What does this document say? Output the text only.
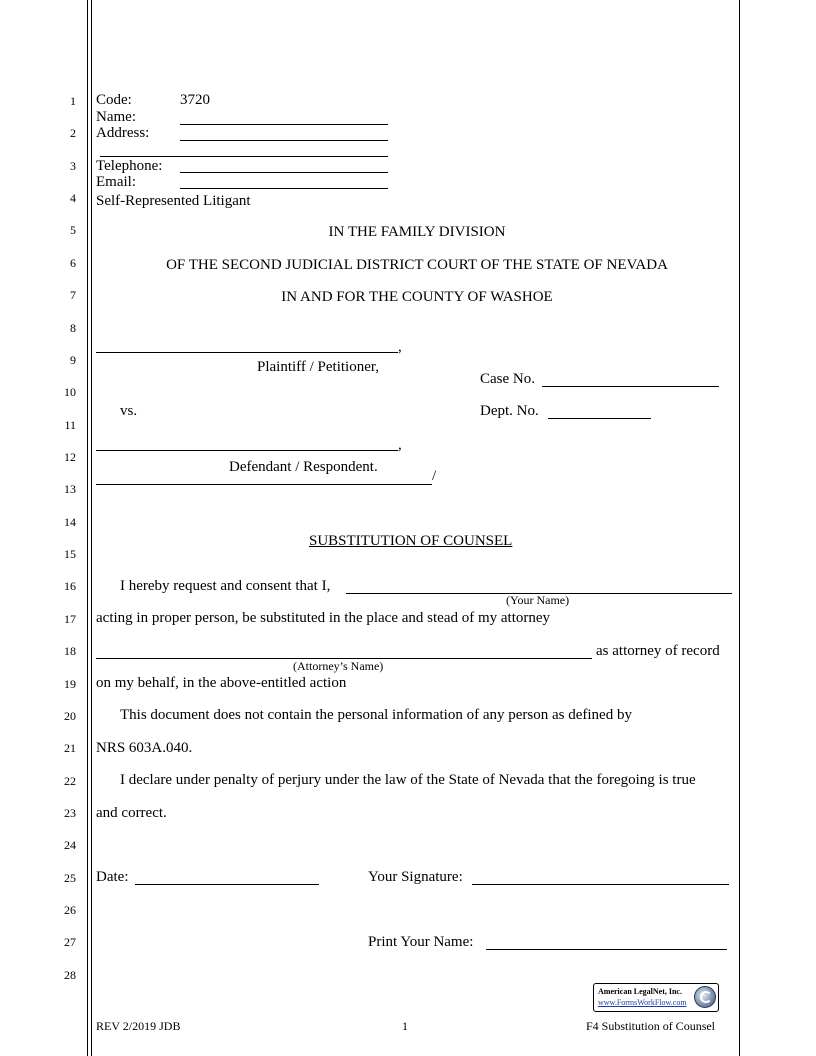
1
2
3
4
5
6
7
8
9
10
11
12
13
14
15
16
17
18
19
20
21
22
23
24
25
26
27
28
Code:	3720
Name:
Address:
Telephone:
Email:
Self-Represented Litigant
IN THE FAMILY DIVISION
OF THE SECOND JUDICIAL DISTRICT COURT OF THE STATE OF NEVADA
IN AND FOR THE COUNTY OF WASHOE
,
Plaintiff / Petitioner,
Case No.
Dept. No.
vs.
,
Defendant / Respondent.
/
SUBSTITUTION OF COUNSEL
I hereby request and consent that I,
(Your Name)
acting in proper person, be substituted in the place and stead of my attorney
as attorney of record
(Attorney’s Name)
on my behalf, in the above-entitled action
This document does not contain the personal information of any person as defined by
NRS 603A.040.
I declare under penalty of perjury under the law of the State of Nevada that the foregoing is true
and correct.
Date:	Your Signature:
Print Your Name:
American LegalNet, Inc.
www.FormsWorkFlow.com
REV 2/2019 JDB	1	F4 Substitution of Counsel
